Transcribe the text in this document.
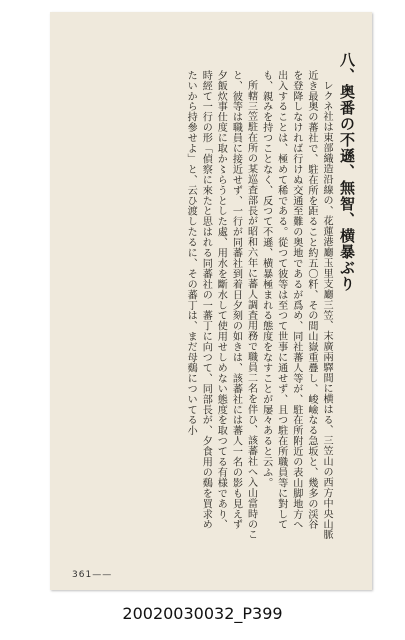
八、奥番の不遜、無智、横暴ぶり

レクネ社は東部織造沿線の、花蓮港廳玉里支廳三笠、末廣兩驛間に横はる、三笠山の西方中央山脈近き最奥の蕃社で、駐在所を距ること約五〇粁、その間山嶽重疊し、峻嶮なる急坂と、幾多の渓谷を登降しなければ行けぬ交通至難の奥地であるが爲め、同社蕃人等が、駐在所附近の表山脚地方へ出入することは、極めて稀である。從つて彼等は至つて世事に通せず、且つ駐在所職員等に對しても、親みを持つことなく、反つて不遜、横暴極まれる態度をなすことが屡々あると云ふ。

所轄三笠駐在所の某巡査部長が昭和六年に蕃人調査用務で職員二名を伴ひ、該蕃社へ入山當時のこと、彼等は職員に接近せず、一行が同蕃社到着日夕刻の如きは、該蕃社には蕃人一名の影も見えず夕飯炊事仕度に取か〻らうとした處、用水を斷水して使用せしめない態度を取つてる有様であり、時經て一行の形「偵察に來たと思はれる同蕃社の一蕃丁に向つて、同部長が、夕食用の鷄を買求めたいから持參せよ」と、云ひ渡したるに、その蕃丁は、まだ母鷄についてる小

361——
20020030032_P399
